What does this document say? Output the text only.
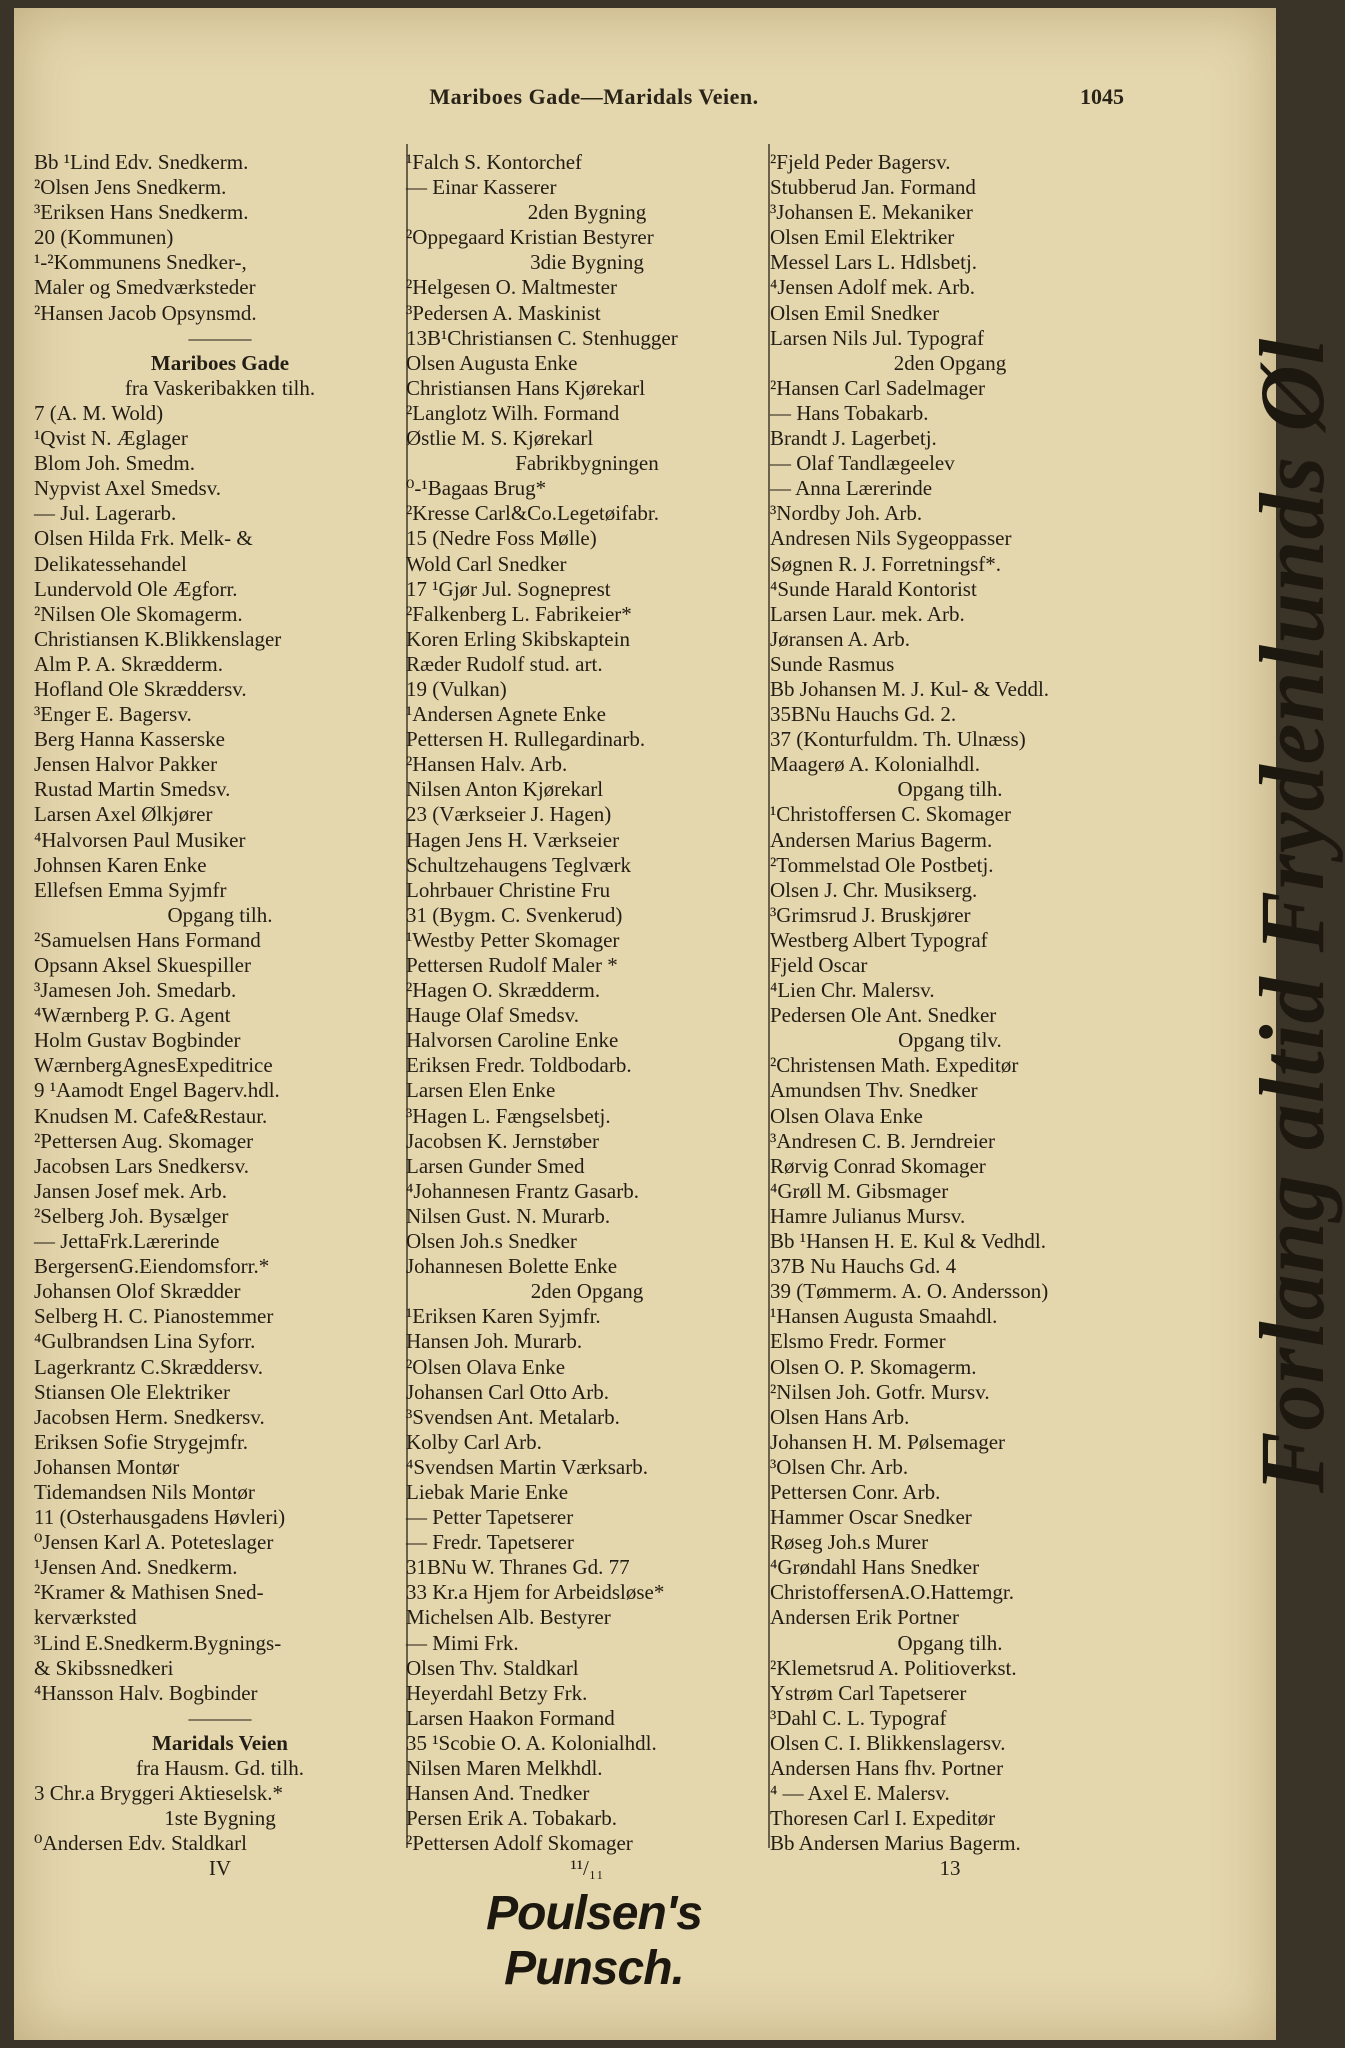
Mariboes Gade—Maridals Veien.	1045
Bb ¹Lind Edv. Snedkerm.
²Olsen Jens Snedkerm.
³Eriksen Hans Snedkerm.
20 (Kommunen)
¹-²Kommunens Snedker-,
Maler og Smedværksteder
²Hansen Jacob Opsynsmd.
———
Mariboes Gade
fra Vaskeribakken tilh.
7 (A. M. Wold)
¹Qvist N. Æglager
Blom Joh. Smedm.
Nypvist Axel Smedsv.
— Jul. Lagerarb.
Olsen Hilda Frk. Melk- &
Delikatessehandel
Lundervold Ole Ægforr.
²Nilsen Ole Skomagerm.
Christiansen K.Blikkenslager
Alm P. A. Skrædderm.
Hofland Ole Skræddersv.
³Enger E. Bagersv.
Berg Hanna Kasserske
Jensen Halvor Pakker
Rustad Martin Smedsv.
Larsen Axel Ølkjører
⁴Halvorsen Paul Musiker
Johnsen Karen Enke
Ellefsen Emma Syjmfr
Opgang tilh.
²Samuelsen Hans Formand
Opsann Aksel Skuespiller
³Jamesen Joh. Smedarb.
⁴Wærnberg P. G. Agent
Holm Gustav Bogbinder
WærnbergAgnesExpeditrice
9 ¹Aamodt Engel Bagerv.hdl.
Knudsen M. Cafe&Restaur.
²Pettersen Aug. Skomager
Jacobsen Lars Snedkersv.
Jansen Josef mek. Arb.
²Selberg Joh. Bysælger
— JettaFrk.Lærerinde
BergersenG.Eiendomsforr.*
Johansen Olof Skrædder
Selberg H. C. Pianostemmer
⁴Gulbrandsen Lina Syforr.
Lagerkrantz C.Skræddersv.
Stiansen Ole Elektriker
Jacobsen Herm. Snedkersv.
Eriksen Sofie Strygejmfr.
Johansen Montør
Tidemandsen Nils Montør
11 (Osterhausgadens Høvleri)
⁰Jensen Karl A. Potetеslager
¹Jensen And. Snedkerm.
²Kramer & Mathisen Sned-
kerværksted
³Lind E.Snedkerm.Bygnings-
& Skibssnedkeri
⁴Hansson Halv. Bogbinder
———
Maridals Veien
fra Hausm. Gd. tilh.
3 Chr.a Bryggeri Aktieselsk.*
1ste Bygning
⁰Andersen Edv. Staldkarl
IV
¹Falch S. Kontorchef
— Einar Kasserer
2den Bygning
²Oppegaard Kristian Bestyrer
3die Bygning
²Helgesen O. Maltmester
³Pedersen A. Maskinist
13B¹Christiansen C. Stenhugger
Olsen Augusta Enke
Christiansen Hans Kjørekarl
²Langlotz Wilh. Formand
Østlie M. S. Kjørekarl
Fabrikbygningen
⁰-¹Bagaas Brug*
²Kresse Carl&Co.Legetøifabr.
15 (Nedre Foss Mølle)
Wold Carl Snedker
17 ¹Gjør Jul. Sogneprest
²Falkenberg L. Fabrikeier*
Koren Erling Skibskaptein
Ræder Rudolf stud. art.
19 (Vulkan)
¹Andersen Agnete Enke
Pettersen H. Rullegardinarb.
²Hansen Halv. Arb.
Nilsen Anton Kjørekarl
23 (Værkseier J. Hagen)
Hagen Jens H. Værkseier
Schultzehaugens Teglværk
Lohrbauer Christine Fru
31 (Bygm. C. Svenkerud)
¹Westby Petter Skomager
Pettersen Rudolf Maler *
²Hagen O. Skrædderm.
Hauge Olaf Smedsv.
Halvorsen Caroline Enke
Eriksen Fredr. Toldbodarb.
Larsen Elen Enke
³Hagen L. Fængselsbetj.
Jacobsen K. Jernstøber
Larsen Gunder Smed
⁴Johannesen Frantz Gasarb.
Nilsen Gust. N. Murarb.
Olsen Joh.s Snedker
Johannesen Bolette Enke
2den Opgang
¹Eriksen Karen Syjmfr.
Hansen Joh. Murarb.
²Olsen Olava Enke
Johansen Carl Otto Arb.
³Svendsen Ant. Metalarb.
Kolby Carl Arb.
⁴Svendsen Martin Værksarb.
Liebak Marie Enke
— Petter Tapetserer
— Fredr. Tapetserer
31BNu W. Thranes Gd. 77
33 Kr.a Hjem for Arbeidsløse*
Michelsen Alb. Bestyrer
— Mimi Frk.
Olsen Thv. Staldkarl
Heyerdahl Betzy Frk.
Larsen Haakon Formand
35 ¹Scobie O. A. Kolonialhdl.
Nilsen Maren Melkhdl.
Hansen And. Tnedker
Persen Erik A. Tobakarb.
²Pettersen Adolf Skomager
¹¹/₁₁
²Fjeld Peder Bagersv.
Stubberud Jan. Formand
³Johansen E. Mekaniker
Olsen Emil Elektriker
Messel Lars L. Hdlsbetj.
⁴Jensen Adolf mek. Arb.
Olsen Emil Snedker
Larsen Nils Jul. Typograf
2den Opgang
²Hansen Carl Sadelmager
— Hans Tobakarb.
Brandt J. Lagerbetj.
— Olaf Tandlægeelev
— Anna Lærerinde
³Nordby Joh. Arb.
Andresen Nils Sygeoppasser
Søgnen R. J. Forretningsf*.
⁴Sunde Harald Kontorist
Larsen Laur. mek. Arb.
Jøransen A. Arb.
Sunde Rasmus
Bb Johansen M. J. Kul- & Veddl.
35BNu Hauchs Gd. 2.
37 (Konturfuldm. Th. Ulnæss)
Maagerø A. Kolonialhdl.
Opgang tilh.
¹Christoffersen C. Skomager
Andersen Marius Bagerm.
²Tommelstad Ole Postbetj.
Olsen J. Chr. Musikserg.
³Grimsrud J. Bruskjører
Westberg Albert Typograf
Fjeld Oscar
⁴Lien Chr. Malersv.
Pedersen Ole Ant. Snedker
Opgang tilv.
²Christensen Math. Expeditør
Amundsen Thv. Snedker
Olsen Olava Enke
³Andresen C. B. Jerndreier
Rørvig Conrad Skomager
⁴Grøll M. Gibsmager
Hamre Julianus Mursv.
Bb ¹Hansen H. E. Kul & Vedhdl.
37B Nu Hauchs Gd. 4
39 (Tømmerm. A. O. Andersson)
¹Hansen Augusta Smaahdl.
Elsmo Fredr. Former
Olsen O. P. Skomagerm.
²Nilsen Joh. Gotfr. Mursv.
Olsen Hans Arb.
Johansen H. M. Pølsemager
³Olsen Chr. Arb.
Pettersen Conr. Arb.
Hammer Oscar Snedker
Røseg Joh.s Murer
⁴Grøndahl Hans Snedker
ChristoffersenA.O.Hattemgr.
Andersen Erik Portner
Opgang tilh.
²Klemetsrud A. Politioverkst.
Ystrøm Carl Tapetserer
³Dahl C. L. Typograf
Olsen C. I. Blikkenslagersv.
Andersen Hans fhv. Portner
⁴ — Axel E. Malersv.
Thoresen Carl I. Expeditør
Bb Andersen Marius Bagerm.
13
Forlang altid Frydenlunds Øl
Poulsen's Punsch.
